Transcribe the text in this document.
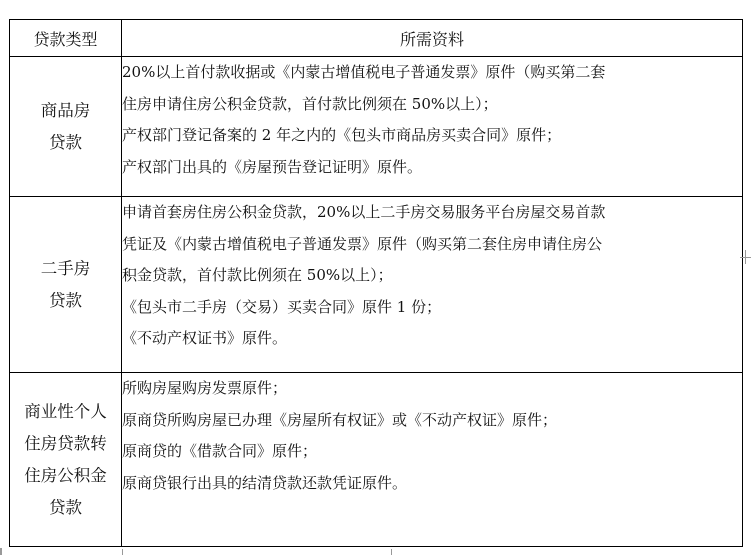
贷款类型	所需资料

商品房
贷款	20%以上首付款收据或《内蒙古增值税电子普通发票》原件（购买第二套
住房申请住房公积金贷款，首付款比例须在 50%以上）；
产权部门登记备案的 2 年之内的《包头市商品房买卖合同》原件；
产权部门出具的《房屋预告登记证明》原件。

二手房
贷款	申请首套房住房公积金贷款，20%以上二手房交易服务平台房屋交易首款
凭证及《内蒙古增值税电子普通发票》原件（购买第二套住房申请住房公
积金贷款，首付款比例须在 50%以上）；
《包头市二手房（交易）买卖合同》原件 1 份；
《不动产权证书》原件。

商业性个人
住房贷款转
住房公积金
贷款	所购房屋购房发票原件；
原商贷所购房屋已办理《房屋所有权证》或《不动产权证》原件；
原商贷的《借款合同》原件；
原商贷银行出具的结清贷款还款凭证原件。
